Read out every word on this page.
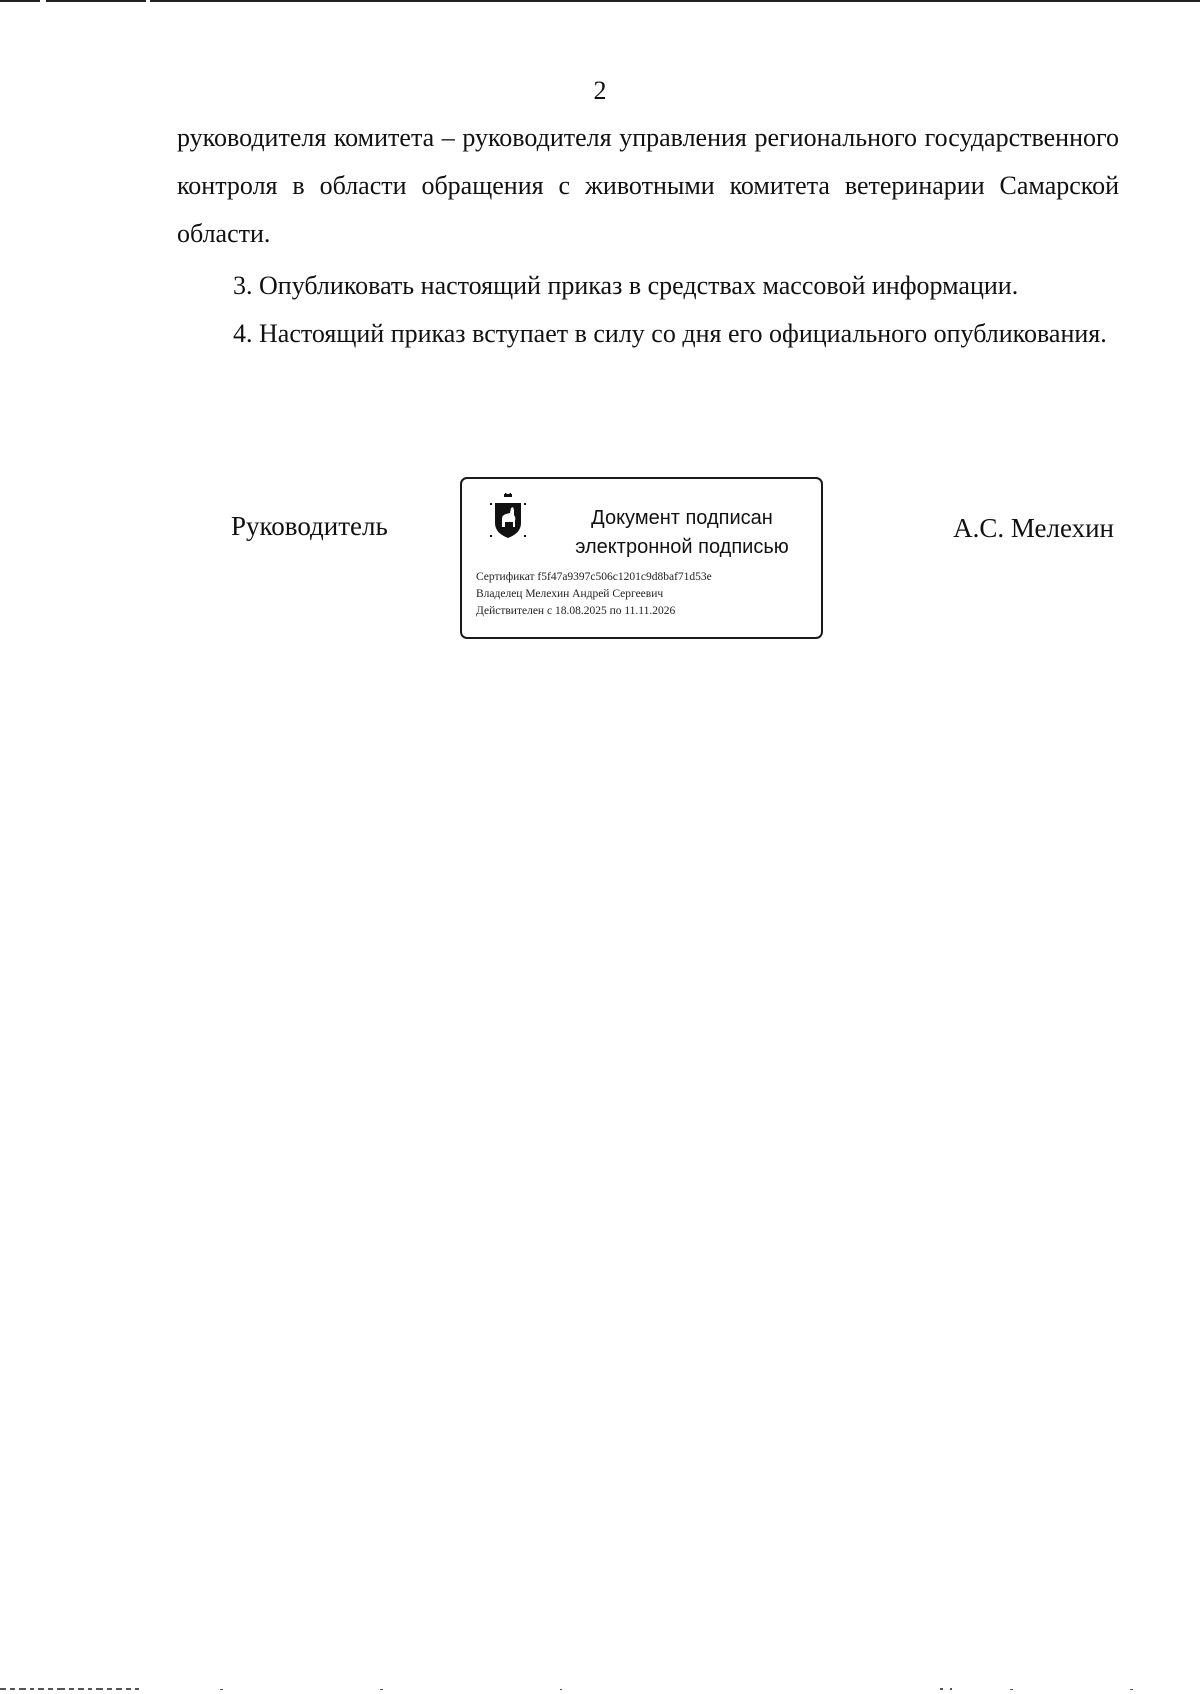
2
руководителя комитета – руководителя управления регионального государственного контроля в области обращения с животными комитета ветеринарии Самарской области.
3. Опубликовать настоящий приказ в средствах массовой информации.
4. Настоящий приказ вступает в силу со дня его официального опубликования.
Руководитель	Документ подписан
электронной подписью
Сертификат f5f47a9397c506c1201c9d8baf71d53e
Владелец Мелехин Андрей Сергеевич
Действителен с 18.08.2025 по 11.11.2026
А.С. Мелехин
